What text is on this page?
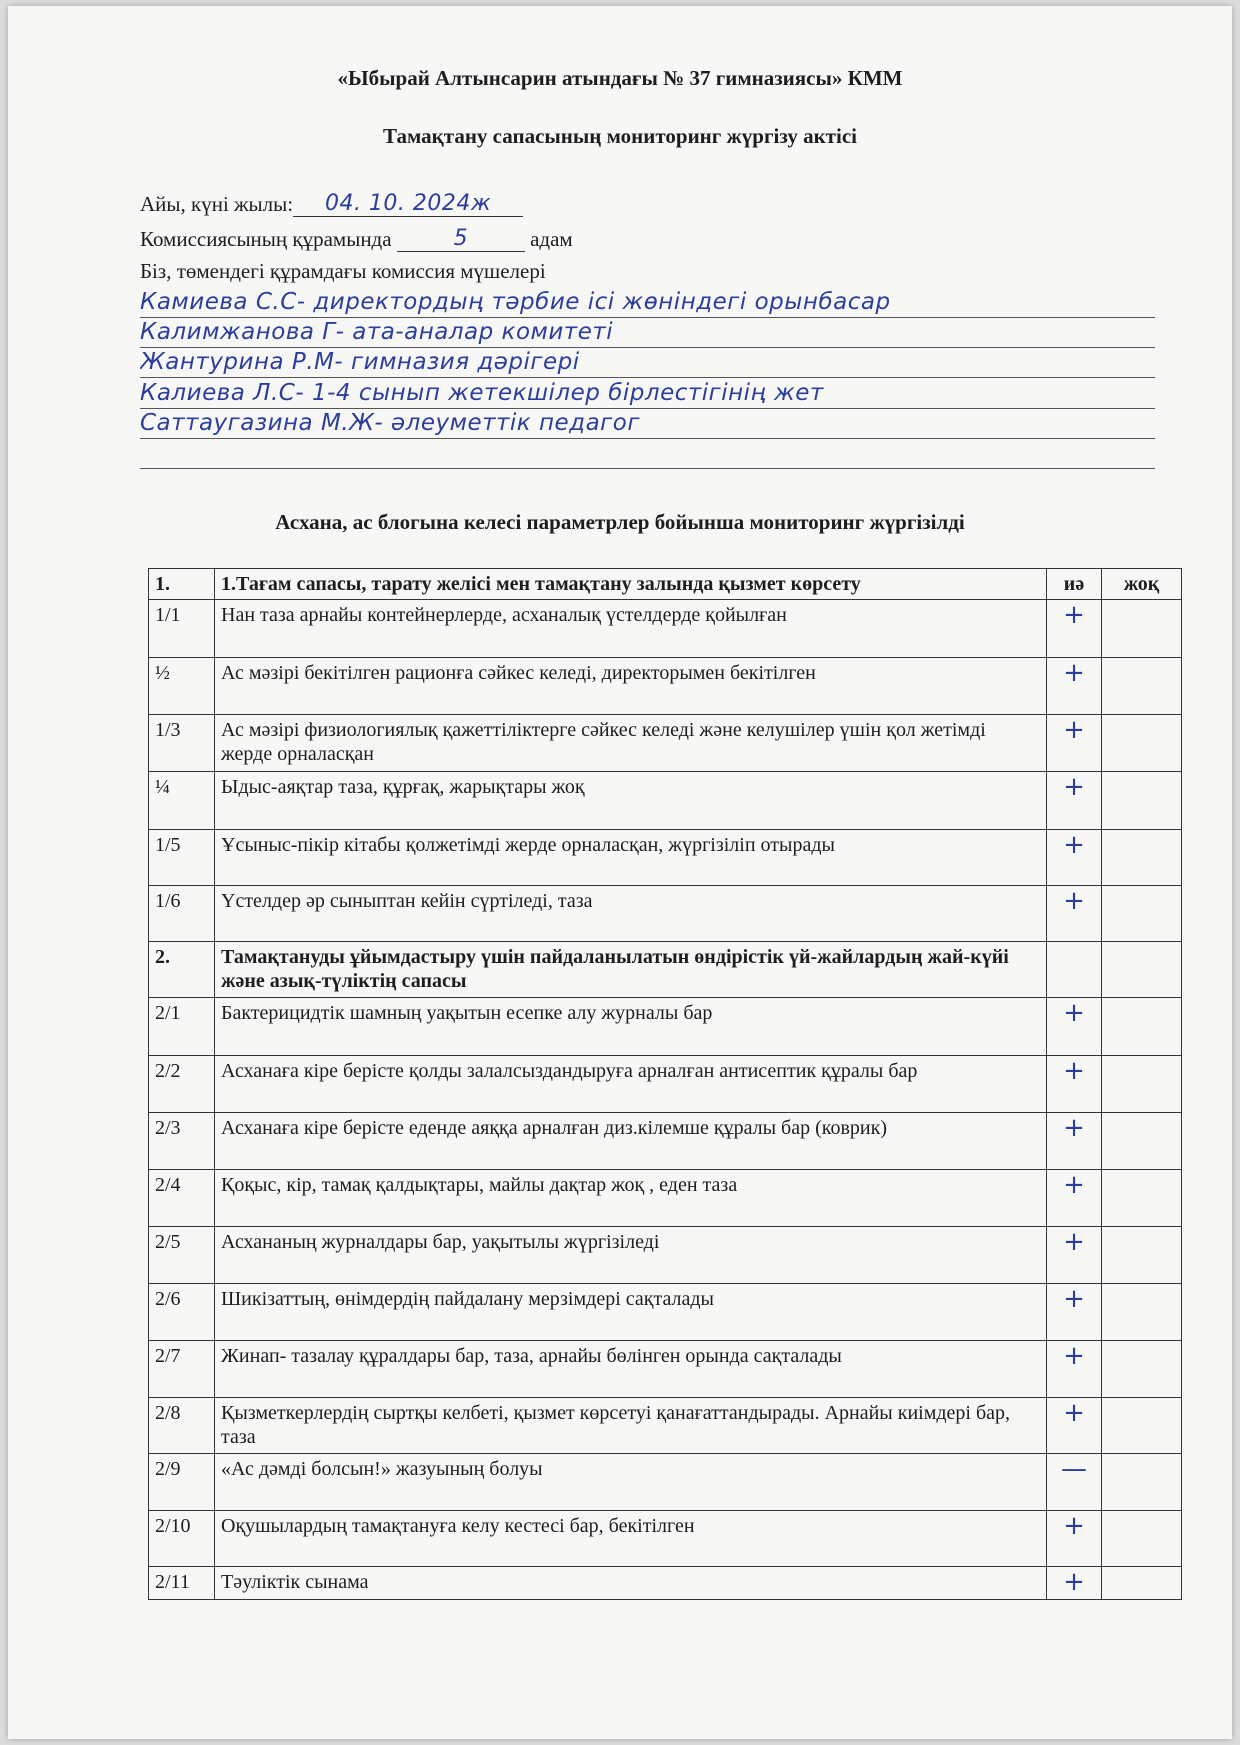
«Ыбырай Алтынсарин атындағы № 37 гимназиясы» КММ
Тамақтану сапасының мониторинг жүргізу актісі
Айы, күні жылы: 04. 10. 2024ж
Комиссиясының құрамында	5	адам
Біз, төмендегі құрамдағы комиссия мүшелері
Камиева С.С- директордың тәрбие ісі жөніндегі орынбасар
Калимжанова Г- ата-аналар комитеті
Жантурина Р.М- гимназия дәрігері
Калиева Л.С- 1-4 сынып жетекшілер бірлестігінің жет
Саттаугазина М.Ж- әлеуметтік педагог
Асхана, ас блогына келесі параметрлер бойынша мониторинг жүргізілді
1.	1.Тағам сапасы, тарату желісі мен тамақтану залында қызмет көрсету	иә	жоқ
1/1	Нан таза арнайы контейнерлерде, асханалық үстелдерде қойылған	+	
½	Ас мәзірі бекітілген рационға сәйкес келеді, директорымен бекітілген	+	
1/3	Ас мәзірі физиологиялық қажеттіліктерге сәйкес келеді және келушілер үшін қол жетімді жерде орналасқан	+	
¼	Ыдыс-аяқтар таза, құрғақ, жарықтары жоқ	+	
1/5	Ұсыныс-пікір кітабы қолжетімді жерде орналасқан, жүргізіліп отырады	+	
1/6	Үстелдер әр сыныптан кейін сүртіледі, таза	+	
2.	Тамақтануды ұйымдастыру үшін пайдаланылатын өндірістік үй-жайлардың жай-күйі және азық-түліктің сапасы		
2/1	Бактерицидтік шамның уақытын есепке алу журналы бар	+	
2/2	Асханаға кіре берісте қолды залалсыздандыруға арналған антисептик құралы бар	+	
2/3	Асханаға кіре берісте еденде аяққа арналған диз.кілемше құралы бар (коврик)	+	
2/4	Қоқыс, кір, тамақ қалдықтары, майлы дақтар жоқ , еден таза	+	
2/5	Асхананың журналдары бар, уақытылы жүргізіледі	+	
2/6	Шикізаттың, өнімдердің пайдалану мерзімдері сақталады	+	
2/7	Жинап- тазалау құралдары бар, таза, арнайы бөлінген орында сақталады	+	
2/8	Қызметкерлердің сыртқы келбеті, қызмет көрсетуі қанағаттандырады. Арнайы киімдері бар, таза	+	
2/9	«Ас дәмді болсын!» жазуының болуы	—	
2/10	Оқушылардың тамақтануға келу кестесі бар, бекітілген	+	
2/11	Тәуліктік сынама	+	
